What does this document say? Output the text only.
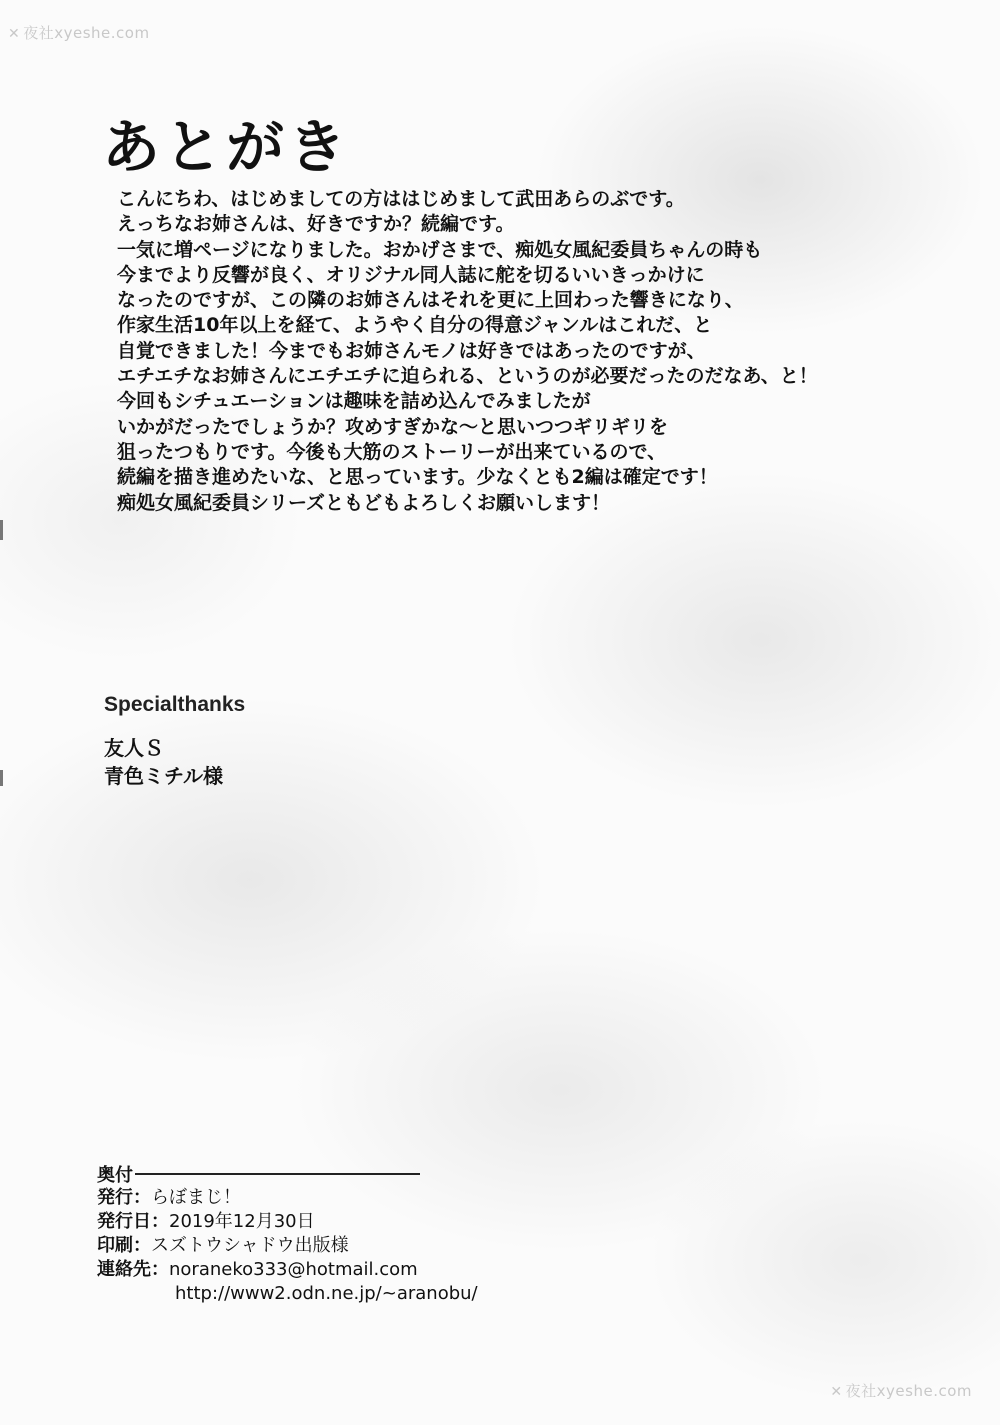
✕ 夜社xyeshe.com
あとがき
こんにちわ、はじめましての方ははじめまして武田あらのぶです。
えっちなお姉さんは、好きですか？続編です。
一気に増ページになりました。おかげさまで、痴処女風紀委員ちゃんの時も
今までより反響が良く、オリジナル同人誌に舵を切るいいきっかけに
なったのですが、この隣のお姉さんはそれを更に上回わった響きになり、
作家生活10年以上を経て、ようやく自分の得意ジャンルはこれだ、と
自覚できました！今までもお姉さんモノは好きではあったのですが、
エチエチなお姉さんにエチエチに迫られる、というのが必要だったのだなあ、と！
今回もシチュエーションは趣味を詰め込んでみましたが
いかがだったでしょうか？攻めすぎかな～と思いつつギリギリを
狙ったつもりです。今後も大筋のストーリーが出来ているので、
続編を描き進めたいな、と思っています。少なくとも2編は確定です！
痴処女風紀委員シリーズともどもよろしくお願いします！
Specialthanks
友人Ｓ
青色ミチル様
奥付
発行：らぼまじ！
発行日：2019年12月30日
印刷：スズトウシャドウ出版様
連絡先：noraneko333@hotmail.com
http://www2.odn.ne.jp/~aranobu/
✕ 夜社xyeshe.com
